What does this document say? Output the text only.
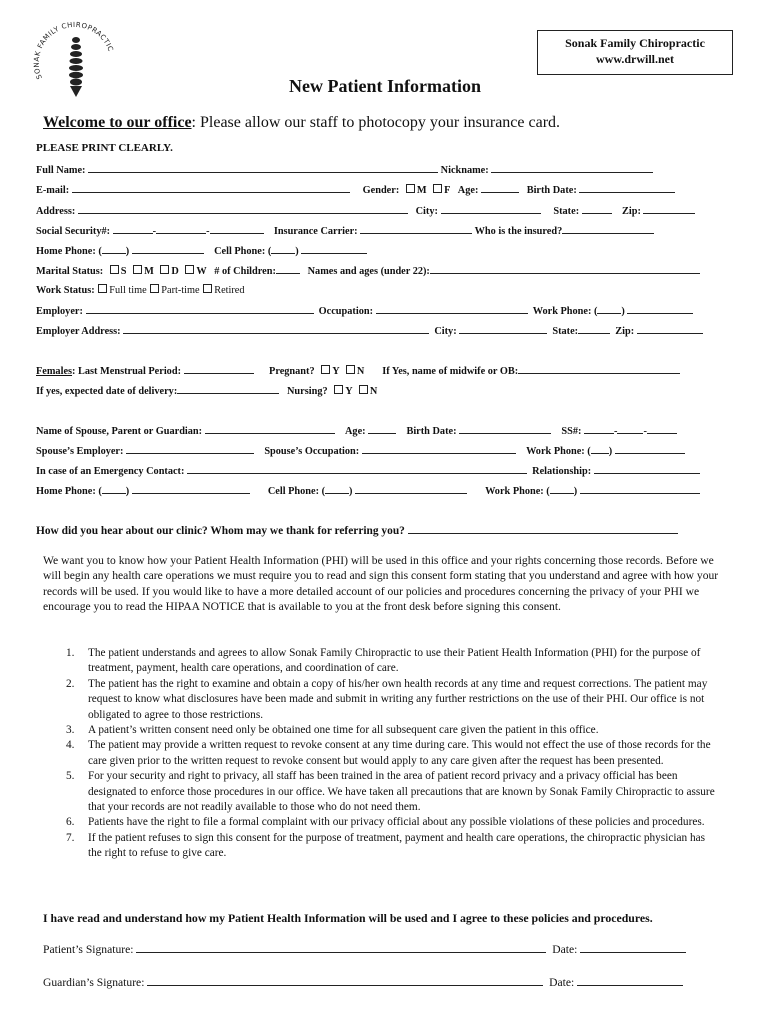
SONAK FAMILY CHIROPRACTIC	Sonak Family Chiropractic
www.drwill.net
New Patient Information
Welcome to our office: Please allow our staff to photocopy your insurance card.
PLEASE PRINT CLEARLY.
Full Name:	Nickname:
E-mail:	Gender: M F Age:	Birth Date:
Address:	City:	State:	Zip:
Social Security#:	-	-	Insurance Carrier:	Who is the insured?
Home Phone: ( )	Cell Phone: ( )
Marital Status: S M D W # of Children:	Names and ages (under 22):
Work Status: Full time Part-time Retired
Employer:	Occupation:	Work Phone: ( )
Employer Address:	City:	State:	Zip:
Females: Last Menstrual Period:	Pregnant? Y N If Yes, name of midwife or OB:
If yes, expected date of delivery:	Nursing? Y N
Name of Spouse, Parent or Guardian:	Age:	Birth Date:	SS#:	-	-
Spouse’s Employer:	Spouse’s Occupation:	Work Phone: ( )
In case of an Emergency Contact:	Relationship:
Home Phone: ( )	Cell Phone: ( )	Work Phone: ( )
How did you hear about our clinic? Whom may we thank for referring you?
We want you to know how your Patient Health Information (PHI) will be used in this office and your rights concerning those records. Before we will begin any health care operations we must require you to read and sign this consent form stating that you understand and agree with how your records will be used. If you would like to have a more detailed account of our policies and procedures concerning the privacy of your PHI we encourage you to read the HIPAA NOTICE that is available to you at the front desk before signing this consent.
1. The patient understands and agrees to allow Sonak Family Chiropractic to use their Patient Health Information (PHI) for the purpose of treatment, payment, health care operations, and coordination of care.
2. The patient has the right to examine and obtain a copy of his/her own health records at any time and request corrections. The patient may request to know what disclosures have been made and submit in writing any further restrictions on the use of their PHI. Our office is not obligated to agree to those restrictions.
3. A patient’s written consent need only be obtained one time for all subsequent care given the patient in this office.
4. The patient may provide a written request to revoke consent at any time during care. This would not effect the use of those records for the care given prior to the written request to revoke consent but would apply to any care given after the request has been presented.
5. For your security and right to privacy, all staff has been trained in the area of patient record privacy and a privacy official has been designated to enforce those procedures in our office. We have taken all precautions that are known by Sonak Family Chiropractic to assure that your records are not readily available to those who do not need them.
6. Patients have the right to file a formal complaint with our privacy official about any possible violations of these policies and procedures.
7. If the patient refuses to sign this consent for the purpose of treatment, payment and health care operations, the chiropractic physician has the right to refuse to give care.
I have read and understand how my Patient Health Information will be used and I agree to these policies and procedures.
Patient’s Signature:	Date:
Guardian’s Signature:	Date:
